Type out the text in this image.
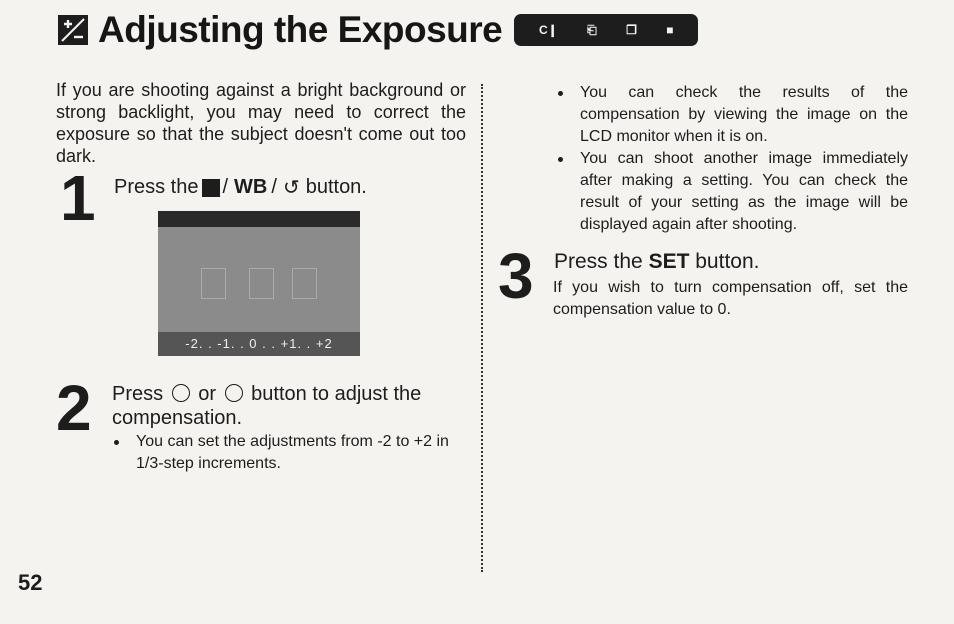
Adjusting the Exposure	C❙ ⎗ ❐ ■
If you are shooting against a bright background or strong backlight, you may need to correct the exposure so that the subject doesn't come out too dark.
1 Press the / WB / ↺ button.
-2. . -1. . 0 . . +1. . +2
2 Press or button to adjust the compensation.
You can set the adjustments from -2 to +2 in 1/3-step increments.
You can check the results of the compensation by viewing the image on the LCD monitor when it is on.
You can shoot another image immediately after making a setting. You can check the result of your setting as the image will be displayed again after shooting.
3 Press the SET button.
If you wish to turn compensation off, set the compensation value to 0.
52
